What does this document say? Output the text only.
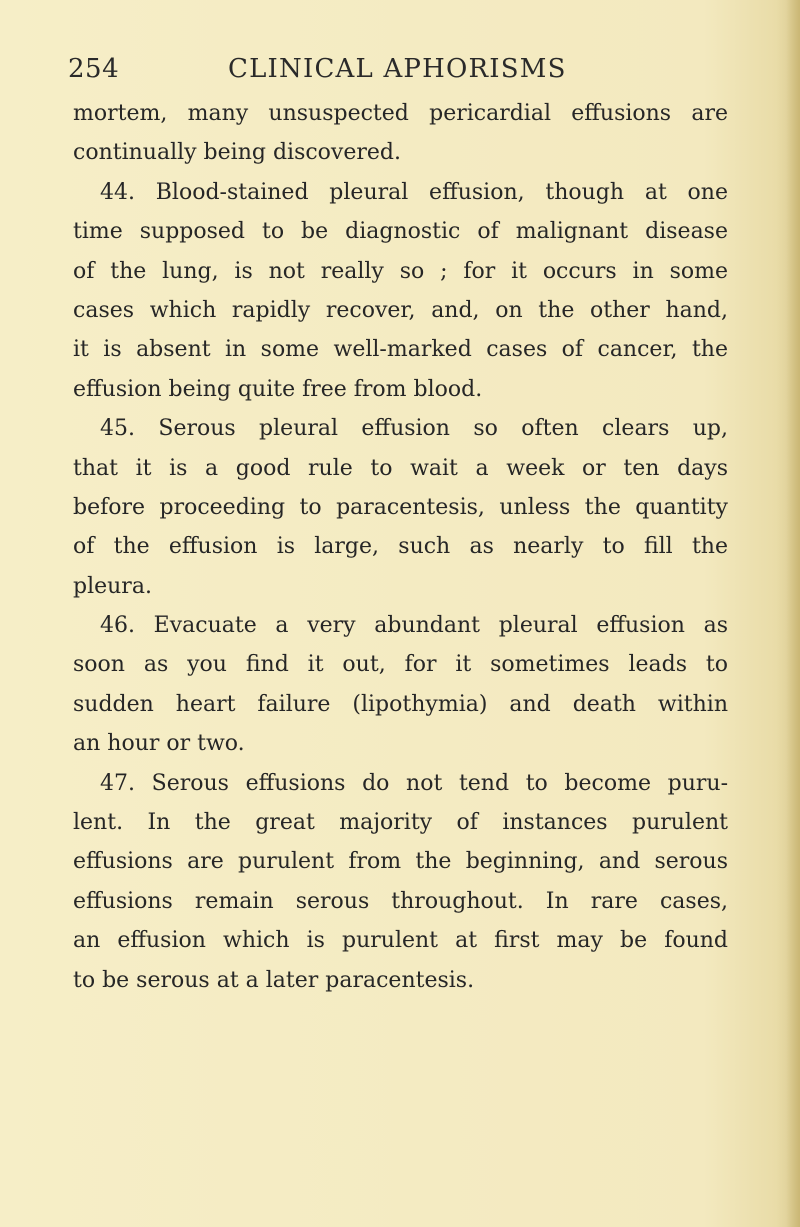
254	CLINICAL APHORISMS
mortem, many unsuspected pericardial effusions are
continually being discovered.
44. Blood-stained pleural effusion, though at one
time supposed to be diagnostic of malignant disease
of the lung, is not really so ; for it occurs in some
cases which rapidly recover, and, on the other hand,
it is absent in some well-marked cases of cancer, the
effusion being quite free from blood.
45. Serous pleural effusion so often clears up,
that it is a good rule to wait a week or ten days
before proceeding to paracentesis, unless the quantity
of the effusion is large, such as nearly to fill the
pleura.
46. Evacuate a very abundant pleural effusion as
soon as you find it out, for it sometimes leads to
sudden heart failure (lipothymia) and death within
an hour or two.
47. Serous effusions do not tend to become puru-
lent. In the great majority of instances purulent
effusions are purulent from the beginning, and serous
effusions remain serous throughout. In rare cases,
an effusion which is purulent at first may be found
to be serous at a later paracentesis.
